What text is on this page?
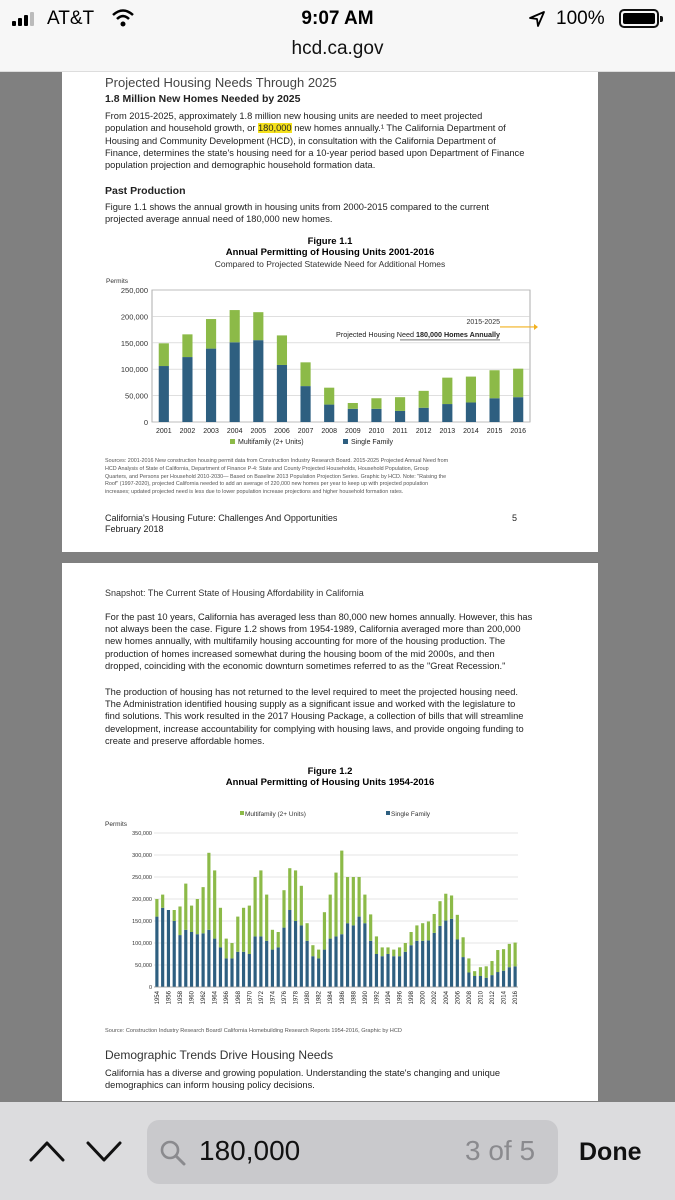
AT&T	9:07 AM	100%
hcd.ca.gov
Projected Housing Needs Through 2025
1.8 Million New Homes Needed by 2025
From 2015-2025, approximately 1.8 million new housing units are needed to meet projected
population and household growth, or 180,000 new homes annually.¹ The California Department of
Housing and Community Development (HCD), in consultation with the California Department of
Finance, determines the state's housing need for a 10-year period based upon Department of Finance
population projection and demographic household formation data.
Past Production
Figure 1.1 shows the annual growth in housing units from 2000-2015 compared to the current
projected average annual need of 180,000 new homes.
Figure 1.1
Annual Permitting of Housing Units 2001-2016
Compared to Projected Statewide Need for Additional Homes
Permits
0
50,000
100,000
150,000
200,000
250,000
2001 2002 2003 2004 2005 2006 2007 2008 2009 2010 2011 2012 2013 2014 2015 2016
2015-2025
Projected Housing Need 180,000 Homes Annually
Multifamily (2+ Units)	Single Family
Sources: 2001-2016 New construction housing permit data from Construction Industry Research Board. 2015-2025 Projected Annual Need from
HCD Analysis of State of California, Department of Finance P-4: State and County Projected Households, Household Population, Group
Quarters, and Persons per Household 2010-2030— Based on Baseline 2013 Population Projection Series. Graphic by HCD. Note: "Raising the
Roof" (1997-2020), projected California needed to add an average of 220,000 new homes per year to keep up with projected population
increases; updated projected need is less due to lower population increase projections and higher household formation rates.
California's Housing Future: Challenges And Opportunities
February 2018
5
Snapshot: The Current State of Housing Affordability in California
For the past 10 years, California has averaged less than 80,000 new homes annually. However, this has
not always been the case. Figure 1.2 shows from 1954-1989, California averaged more than 200,000
new homes annually, with multifamily housing accounting for more of the housing production. The
production of homes increased somewhat during the housing boom of the mid 2000s, and then
dropped, coinciding with the economic downturn sometimes referred to as the "Great Recession."
The production of housing has not returned to the level required to meet the projected housing need.
The Administration identified housing supply as a significant issue and worked with the legislature to
find solutions. This work resulted in the 2017 Housing Package, a collection of bills that will streamline
development, increase accountability for complying with housing laws, and provide ongoing funding to
create and preserve affordable homes.
Figure 1.2
Annual Permitting of Housing Units 1954-2016
Multifamily (2+ Units)	Single Family
Permits
0
50,000
100,000
150,000
200,000
250,000
300,000
350,000
1954 1956 1958 1960 1962 1964 1966 1968 1970 1972 1974 1976 1978 1980 1982 1984 1986 1988 1990 1992 1994 1996 1998 2000 2002 2004 2006 2008 2010 2012 2014 2016
Source: Construction Industry Research Board/ California Homebuilding Research Reports 1954-2016, Graphic by HCD
Demographic Trends Drive Housing Needs
California has a diverse and growing population. Understanding the state's changing and unique
demographics can inform housing policy decisions.
180,000	3 of 5 Done
